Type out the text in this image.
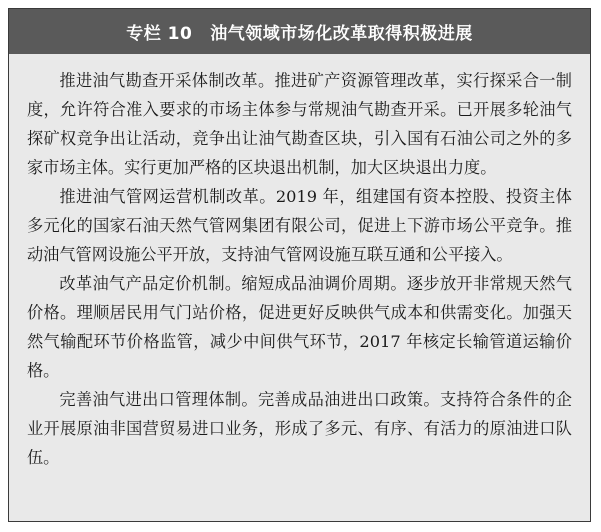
专栏 10 油气领域市场化改革取得积极进展

推进油气勘查开采体制改革。推进矿产资源管理改革，实行探采合一制度，允许符合准入要求的市场主体参与常规油气勘查开采。已开展多轮油气探矿权竞争出让活动，竞争出让油气勘查区块，引入国有石油公司之外的多家市场主体。实行更加严格的区块退出机制，加大区块退出力度。

推进油气管网运营机制改革。2019 年，组建国有资本控股、投资主体多元化的国家石油天然气管网集团有限公司，促进上下游市场公平竞争。推动油气管网设施公平开放，支持油气管网设施互联互通和公平接入。

改革油气产品定价机制。缩短成品油调价周期。逐步放开非常规天然气价格。理顺居民用气门站价格，促进更好反映供气成本和供需变化。加强天然气输配环节价格监管，减少中间供气环节，2017 年核定长输管道运输价格。

完善油气进出口管理体制。完善成品油进出口政策。支持符合条件的企业开展原油非国营贸易进口业务，形成了多元、有序、有活力的原油进口队伍。
